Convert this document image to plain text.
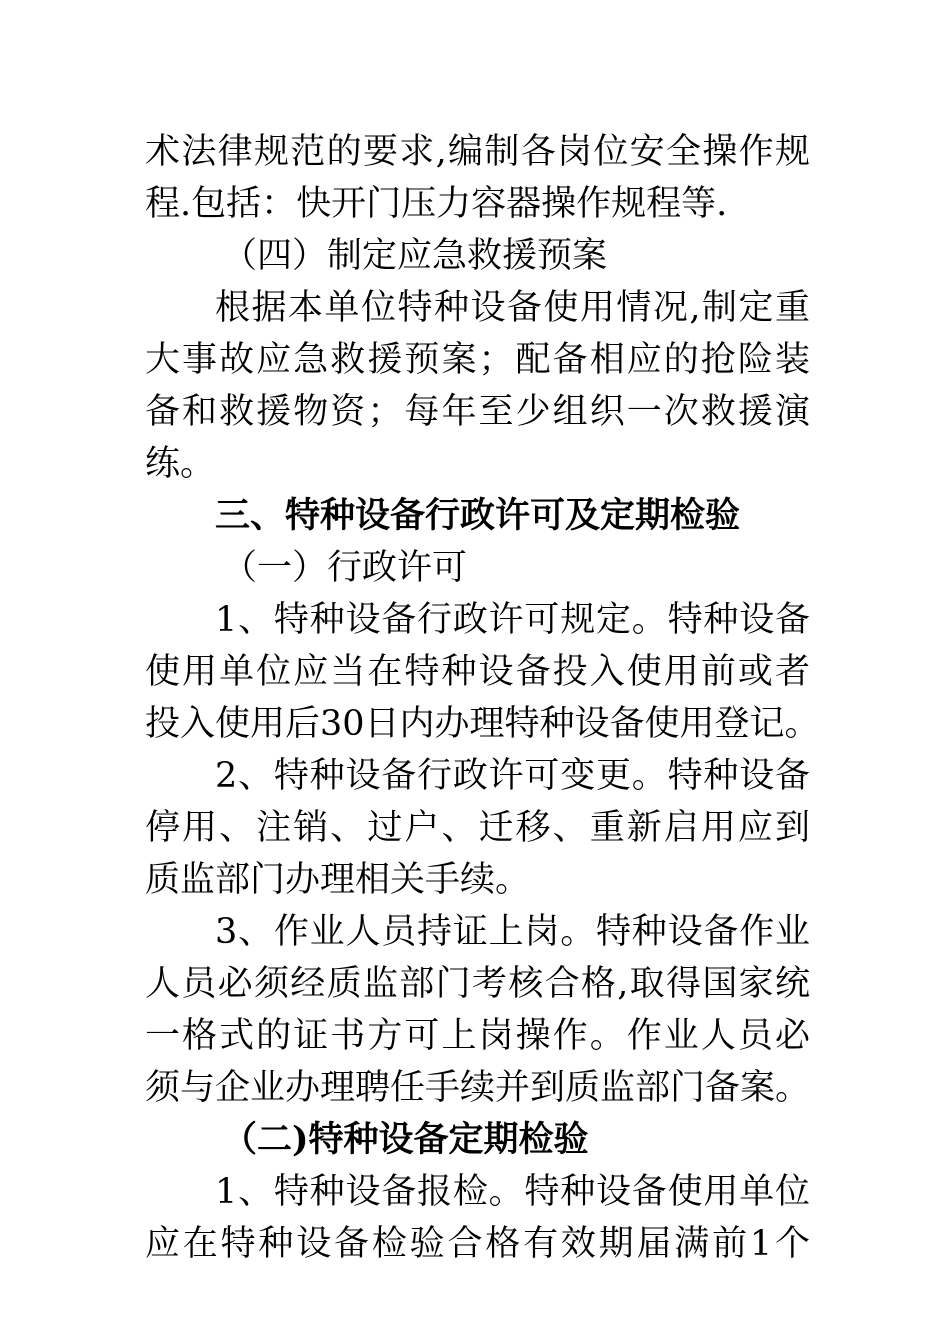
术法律规范的要求,编制各岗位安全操作规
程.包括：快开门压力容器操作规程等.
（四）制定应急救援预案
根据本单位特种设备使用情况,制定重
大事故应急救援预案；配备相应的抢险装
备和救援物资；每年至少组织一次救援演
练。
三、特种设备行政许可及定期检验
（一）行政许可
1、特种设备行政许可规定。特种设备
使用单位应当在特种设备投入使用前或者
投入使用后30日内办理特种设备使用登记。
2、特种设备行政许可变更。特种设备
停用、注销、过户、迁移、重新启用应到
质监部门办理相关手续。
3、作业人员持证上岗。特种设备作业
人员必须经质监部门考核合格,取得国家统
一格式的证书方可上岗操作。作业人员必
须与企业办理聘任手续并到质监部门备案。
（二)特种设备定期检验
1、特种设备报检。特种设备使用单位
应在特种设备检验合格有效期届满前1个
